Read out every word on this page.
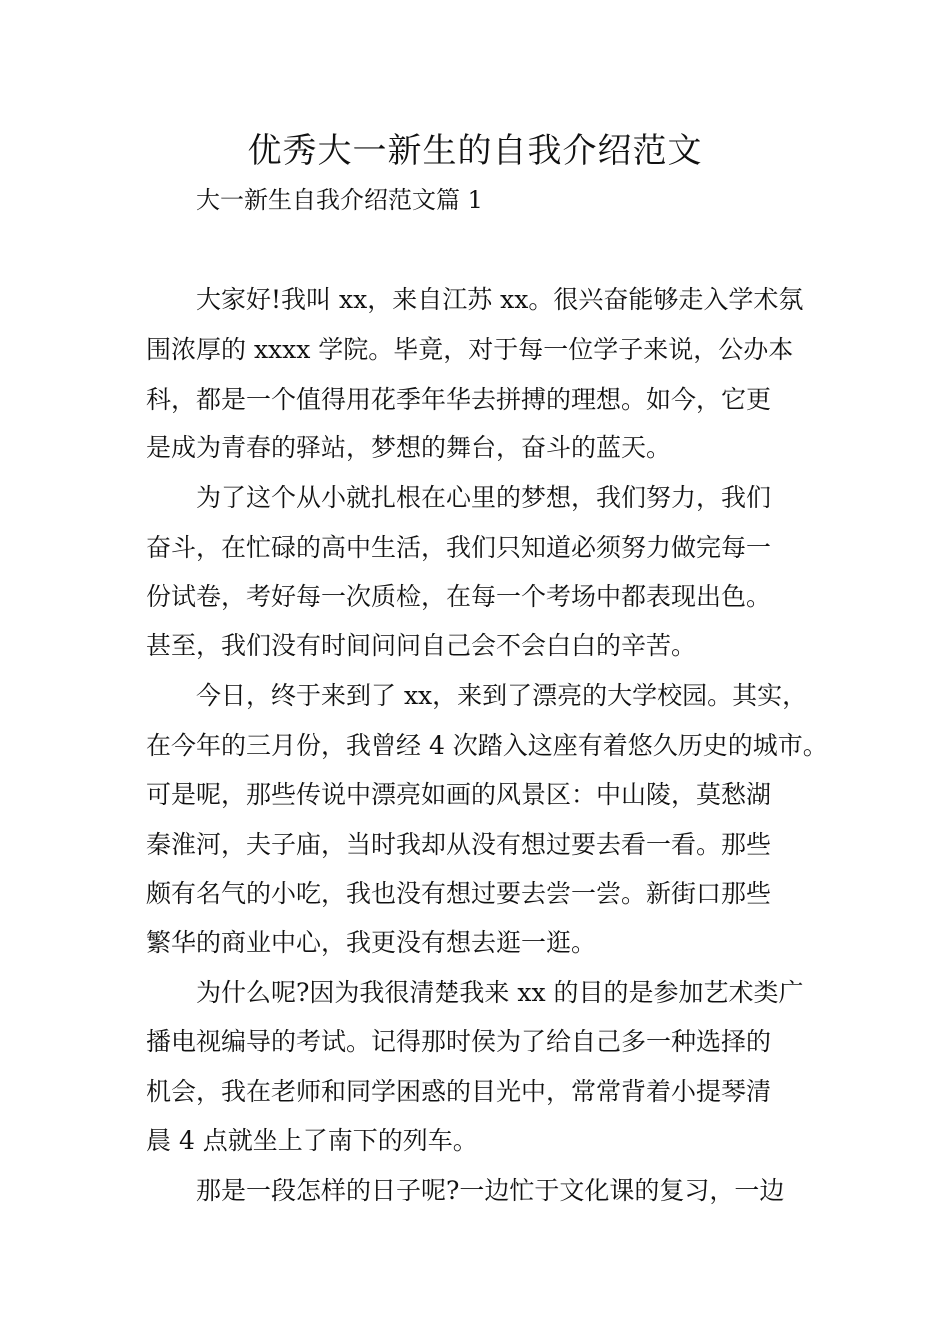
优秀大一新生的自我介绍范文

大一新生自我介绍范文篇 1

大家好!我叫 xx，来自江苏 xx。很兴奋能够走入学术氛

围浓厚的 xxxx 学院。毕竟，对于每一位学子来说，公办本

科，都是一个值得用花季年华去拼搏的理想。如今，它更

是成为青春的驿站，梦想的舞台，奋斗的蓝天。

为了这个从小就扎根在心里的梦想，我们努力，我们

奋斗，在忙碌的高中生活，我们只知道必须努力做完每一

份试卷，考好每一次质检，在每一个考场中都表现出色。

甚至，我们没有时间问问自己会不会白白的辛苦。

今日，终于来到了 xx，来到了漂亮的大学校园。其实，

在今年的三月份，我曾经 4 次踏入这座有着悠久历史的城市。

可是呢，那些传说中漂亮如画的风景区：中山陵，莫愁湖

秦淮河，夫子庙，当时我却从没有想过要去看一看。那些

颇有名气的小吃，我也没有想过要去尝一尝。新街口那些

繁华的商业中心，我更没有想去逛一逛。

为什么呢?因为我很清楚我来 xx 的目的是参加艺术类广

播电视编导的考试。记得那时侯为了给自己多一种选择的

机会，我在老师和同学困惑的目光中，常常背着小提琴清

晨 4 点就坐上了南下的列车。

那是一段怎样的日子呢?一边忙于文化课的复习，一边
